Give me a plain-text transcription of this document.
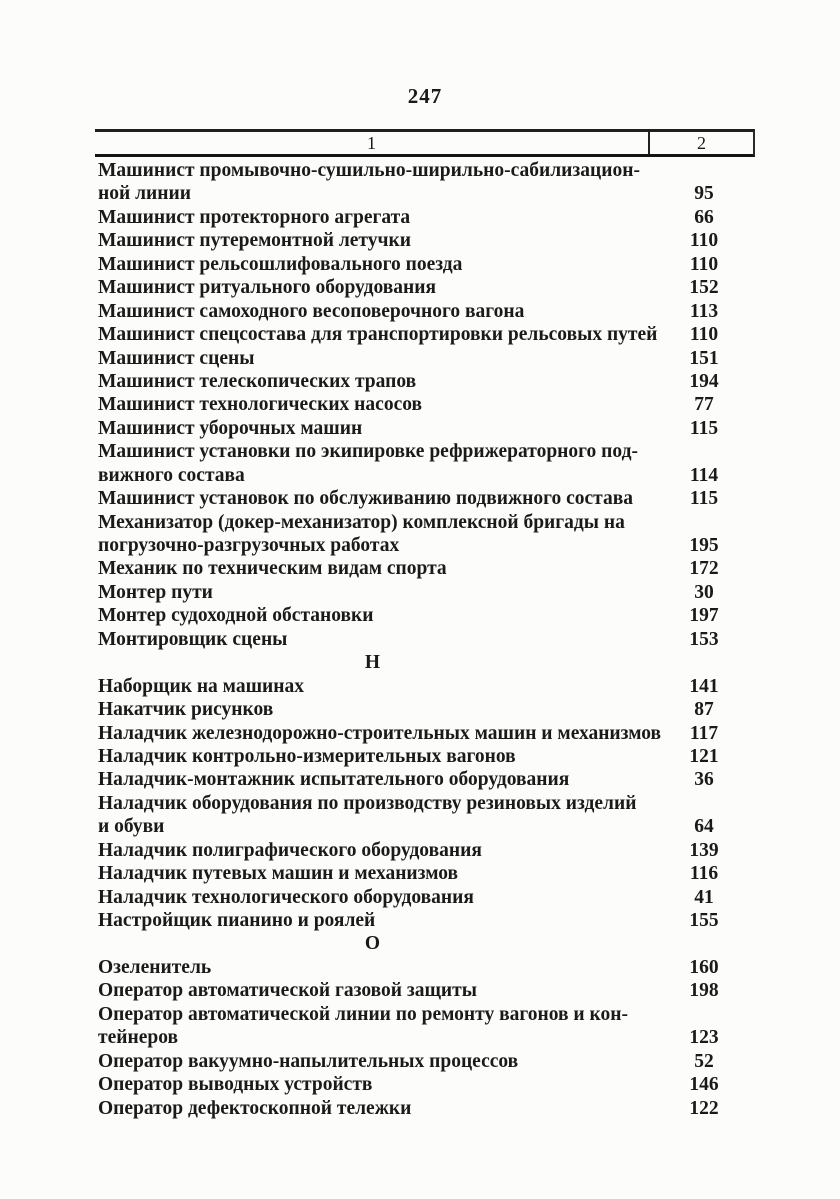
247
1	2
Машинист промывочно-сушильно-ширильно-сабилизацион-
ной линии	95
Машинист протекторного агрегата	66
Машинист путеремонтной летучки	110
Машинист рельсошлифовального поезда	110
Машинист ритуального оборудования	152
Машинист самоходного весоповерочного вагона	113
Машинист спецсостава для транспортировки рельсовых путей	110
Машинист сцены	151
Машинист телескопических трапов	194
Машинист технологических насосов	77
Машинист уборочных машин	115
Машинист установки по экипировке рефрижераторного под-
вижного состава	114
Машинист установок по обслуживанию подвижного состава	115
Механизатор (докер-механизатор) комплексной бригады на
погрузочно-разгрузочных работах	195
Механик по техническим видам спорта	172
Монтер пути	30
Монтер судоходной обстановки	197
Монтировщик сцены	153
Н
Наборщик на машинах	141
Накатчик рисунков	87
Наладчик железнодорожно-строительных машин и механизмов	117
Наладчик контрольно-измерительных вагонов	121
Наладчик-монтажник испытательного оборудования	36
Наладчик оборудования по производству резиновых изделий
и обуви	64
Наладчик полиграфического оборудования	139
Наладчик путевых машин и механизмов	116
Наладчик технологического оборудования	41
Настройщик пианино и роялей	155
О
Озеленитель	160
Оператор автоматической газовой защиты	198
Оператор автоматической линии по ремонту вагонов и кон-
тейнеров	123
Оператор вакуумно-напылительных процессов	52
Оператор выводных устройств	146
Оператор дефектоскопной тележки	122
